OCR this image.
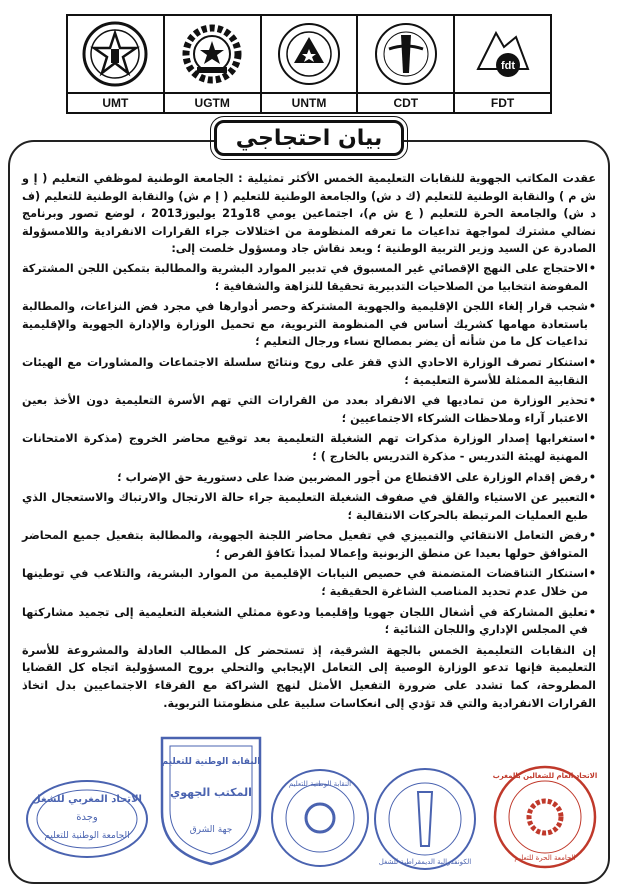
UMT	UGTM	UNTM	CDT
fdt
FDT
بيان احتجاجي

عقدت المكاتب الجهوية للنقابات التعليمية الخمس الأكثر تمثيلية : الجامعة الوطنية لموظفي التعليم ( إ و ش م ) والنقابة الوطنية للتعليم (ك د ش) والجامعة الوطنية للتعليم ( إ م ش) والنقابة الوطنية للتعليم (ف د ش) والجامعة الحرة للتعليم ( ع ش م)، اجتماعين يومي 18و21 يوليوز2013 ، لوضع تصور وبرنامج نضالي مشترك لمواجهة تداعيات ما تعرفه المنظومة من اختلالات جراء القرارات الانفرادية واللامسؤولة الصادرة عن السيد وزير التربية الوطنية ؛ وبعد نقاش جاد ومسؤول خلصت إلى:

• الاحتجاج على النهج الإقصائي غير المسبوق في تدبير الموارد البشرية والمطالبة بتمكين اللجن المشتركة المفوضة انتخابيا من الصلاحيات التدبيرية تحقيقا للنزاهة والشفافية ؛
• شجب قرار إلغاء اللجن الإقليمية والجهوية المشتركة وحصر أدوارها في مجرد فض النزاعات، والمطالبة باستعادة مهامها كشريك أساس في المنظومة التربوية، مع تحميل الوزارة والإدارة الجهوية والإقليمية تداعيات كل ما من شأنه أن يضر بمصالح نساء ورجال التعليم ؛
• استنكار تصرف الوزارة الاحادي الذي قفز على روح ونتائج سلسلة الاجتماعات والمشاورات مع الهيئات النقابية الممثلة للأسرة التعليمية ؛
• تحذير الوزارة من تماديها في الانفراد بعدد من القرارات التي تهم الأسرة التعليمية دون الأخذ بعين الاعتبار آراء وملاحظات الشركاء الاجتماعيين ؛
• استغرابها إصدار الوزارة مذكرات تهم الشغيلة التعليمية بعد توقيع محاضر الخروج (مذكرة الامتحانات المهنية لهيئة التدريس - مذكرة التدريس بالخارج ) ؛
• رفض إقدام الوزارة على الاقتطاع من أجور المضربين ضدا على دستورية حق الإضراب ؛
• التعبير عن الاستياء والقلق في صفوف الشغيلة التعليمية جراء حالة الارتجال والارتباك والاستعجال الذي طبع العمليات المرتبطة بالحركات الانتقالية ؛
• رفض التعامل الانتقائي والتمييزي في تفعيل محاضر اللجنة الجهوية، والمطالبة بتفعيل جميع المحاضر المتوافق حولها بعيدا عن منطق الزبونية وإعمالا لمبدأ تكافؤ الفرص ؛
• استنكار التناقضات المتضمنة في حصيص النيابات الإقليمية من الموارد البشرية، والتلاعب في توطينها من خلال عدم تحديد المناصب الشاغرة الحقيقية ؛
• تعليق المشاركة في أشغال اللجان جهويا وإقليميا ودعوة ممثلي الشغيلة التعليمية إلى تجميد مشاركتها في المجلس الإداري واللجان الثنائية ؛

إن النقابات التعليمية الخمس بالجهة الشرقية، إذ تستحضر كل المطالب العادلة والمشروعة للأسرة التعليمية فإنها تدعو الوزارة الوصية إلى التعامل الإيجابي والتحلي بروح المسؤولية اتجاه كل القضايا المطروحة، كما تشدد على ضرورة التفعيل الأمثل لنهج الشراكة مع الفرقاء الاجتماعيين بدل اتخاذ القرارات الانفرادية والتي قد تؤدي إلى انعكاسات سلبية على منظومتنا التربوية.

الاتحاد المغربي للشغل
وجدة
الجامعة الوطنية للتعليم
النقابة الوطنية للتعليم
المكتب الجهوي
جهة الشرق
النقابة الوطنية للتعليم
الكونفدرالية الديمقراطية للشغل
الاتحاد العام للشغالين بالمغرب
الجامعة الحرة للتعليم
